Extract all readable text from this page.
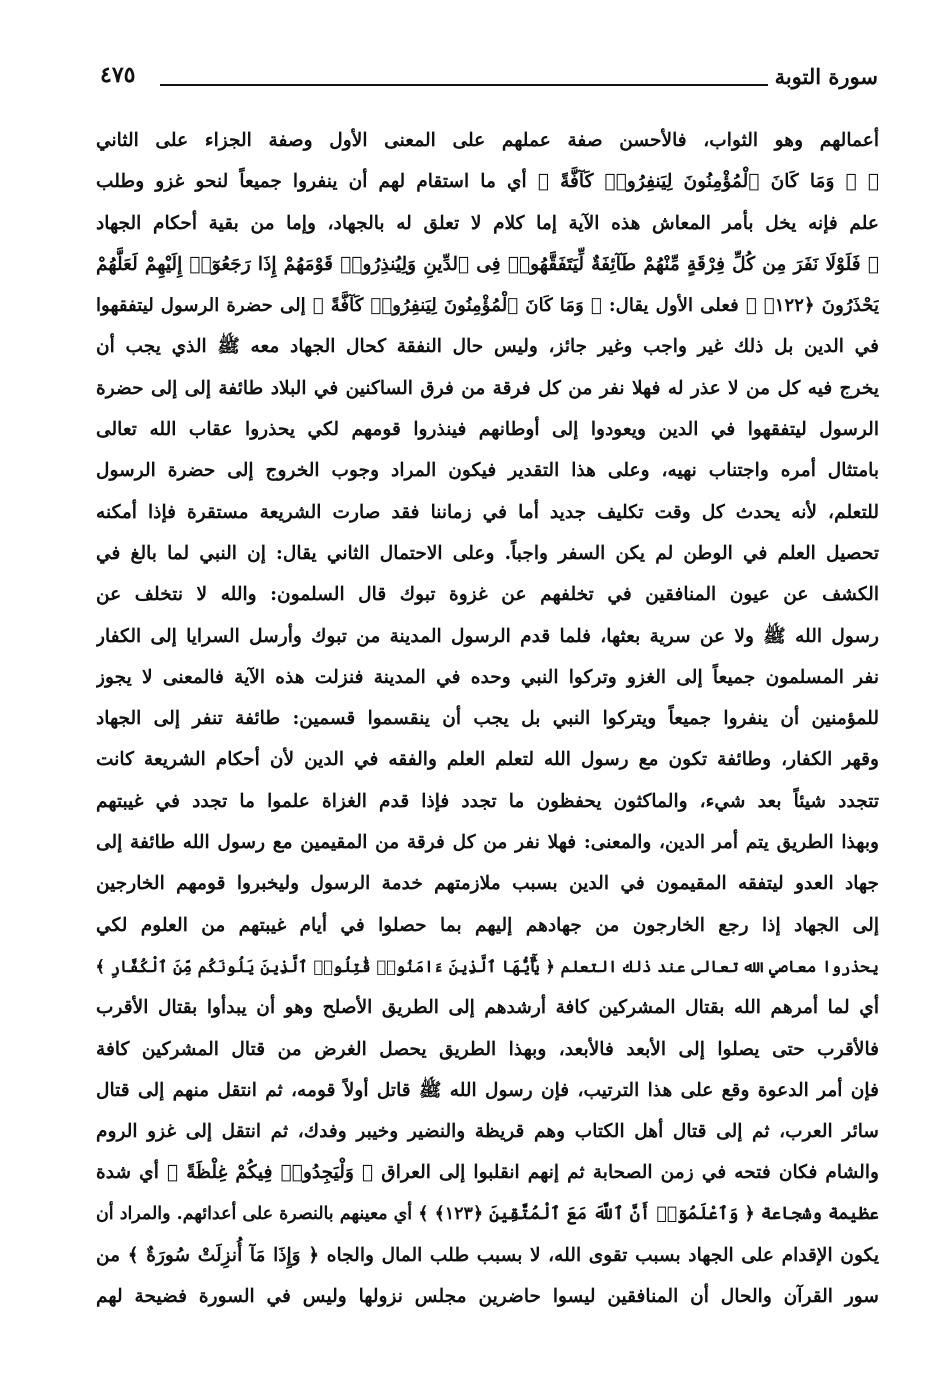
سورة التوبة
٤٧٥
أعمالهم وهو الثواب، فالأحسن صفة عملهم على المعنى الأول وصفة الجزاء على الثاني
﴿ ۞ وَمَا كَانَ ٱلْمُؤْمِنُونَ لِيَنفِرُوا۟ كَآفَّةً ﴾ أي ما استقام لهم أن ينفروا جميعاً لنحو غزو وطلب
علم فإنه يخل بأمر المعاش هذه الآية إما كلام لا تعلق له بالجهاد، وإما من بقية أحكام الجهاد
﴿ فَلَوْلَا نَفَرَ مِن كُلِّ فِرْقَةٍ مِّنْهُمْ طَآئِفَةٌ لِّيَتَفَقَّهُوا۟ فِى ٱلدِّينِ وَلِيُنذِرُوا۟ قَوْمَهُمْ إِذَا رَجَعُوٓا۟ إِلَيْهِمْ لَعَلَّهُمْ
يَحْذَرُونَ ﴿١٢٢﴾ ﴾ فعلى الأول يقال: ﴿ وَمَا كَانَ ٱلْمُؤْمِنُونَ لِيَنفِرُوا۟ كَآفَّةً ﴾ إلى حضرة الرسول ليتفقهوا
في الدين بل ذلك غير واجب وغير جائز، وليس حال النفقة كحال الجهاد معه ﷺ الذي يجب أن
يخرج فيه كل من لا عذر له فهلا نفر من كل فرقة من فرق الساكنين في البلاد طائفة إلى إلى حضرة
الرسول ليتفقهوا في الدين ويعودوا إلى أوطانهم فينذروا قومهم لكي يحذروا عقاب الله تعالى
بامتثال أمره واجتناب نهيه، وعلى هذا التقدير فيكون المراد وجوب الخروج إلى حضرة الرسول
للتعلم، لأنه يحدث كل وقت تكليف جديد أما في زماننا فقد صارت الشريعة مستقرة فإذا أمكنه
تحصيل العلم في الوطن لم يكن السفر واجباً. وعلى الاحتمال الثاني يقال: إن النبي لما بالغ في
الكشف عن عيون المنافقين في تخلفهم عن غزوة تبوك قال السلمون: والله لا نتخلف عن
رسول الله ﷺ ولا عن سرية بعثها، فلما قدم الرسول المدينة من تبوك وأرسل السرايا إلى الكفار
نفر المسلمون جميعاً إلى الغزو وتركوا النبي وحده في المدينة فنزلت هذه الآية فالمعنى لا يجوز
للمؤمنين أن ينفروا جميعاً ويتركوا النبي بل يجب أن ينقسموا قسمين: طائفة تنفر إلى الجهاد
وقهر الكفار، وطائفة تكون مع رسول الله لتعلم العلم والفقه في الدين لأن أحكام الشريعة كانت
تتجدد شيئاً بعد شيء، والماكثون يحفظون ما تجدد فإذا قدم الغزاة علموا ما تجدد في غيبتهم
وبهذا الطريق يتم أمر الدين، والمعنى: فهلا نفر من كل فرقة من المقيمين مع رسول الله طائفة إلى
جهاد العدو ليتفقه المقيمون في الدين بسبب ملازمتهم خدمة الرسول وليخبروا قومهم الخارجين
إلى الجهاد إذا رجع الخارجون من جهادهم إليهم بما حصلوا في أيام غيبتهم من العلوم لكي
يحذروا معاصي الله تعالى عند ذلك التعلم ﴿ يَٰٓأَيُّهَا ٱلَّذِينَ ءَامَنُوا۟ قَٰتِلُوا۟ ٱلَّذِينَ يَلُونَكُم مِّنَ ٱلْكُفَّارِ ﴾
أي لما أمرهم الله بقتال المشركين كافة أرشدهم إلى الطريق الأصلح وهو أن يبدأوا بقتال الأقرب
فالأقرب حتى يصلوا إلى الأبعد فالأبعد، وبهذا الطريق يحصل الغرض من قتال المشركين كافة
فإن أمر الدعوة وقع على هذا الترتيب، فإن رسول الله ﷺ قاتل أولاً قومه، ثم انتقل منهم إلى قتال
سائر العرب، ثم إلى قتال أهل الكتاب وهم قريظة والنضير وخيبر وفدك، ثم انتقل إلى غزو الروم
والشام فكان فتحه في زمن الصحابة ثم إنهم انقلبوا إلى العراق ﴿ وَلْيَجِدُوا۟ فِيكُمْ غِلْظَةً ﴾ أي شدة
عظيمة وشجاعة ﴿ وَٱعْلَمُوٓا۟ أَنَّ ٱللَّهَ مَعَ ٱلْمُتَّقِينَ ﴿١٢٣﴾ ﴾ أي معينهم بالنصرة على أعدائهم. والمراد أن
يكون الإقدام على الجهاد بسبب تقوى الله، لا بسبب طلب المال والجاه ﴿ وَإِذَا مَآ أُنزِلَتْ سُورَةٌ ﴾ من
سور القرآن والحال أن المنافقين ليسوا حاضرين مجلس نزولها وليس في السورة فضيحة لهم
